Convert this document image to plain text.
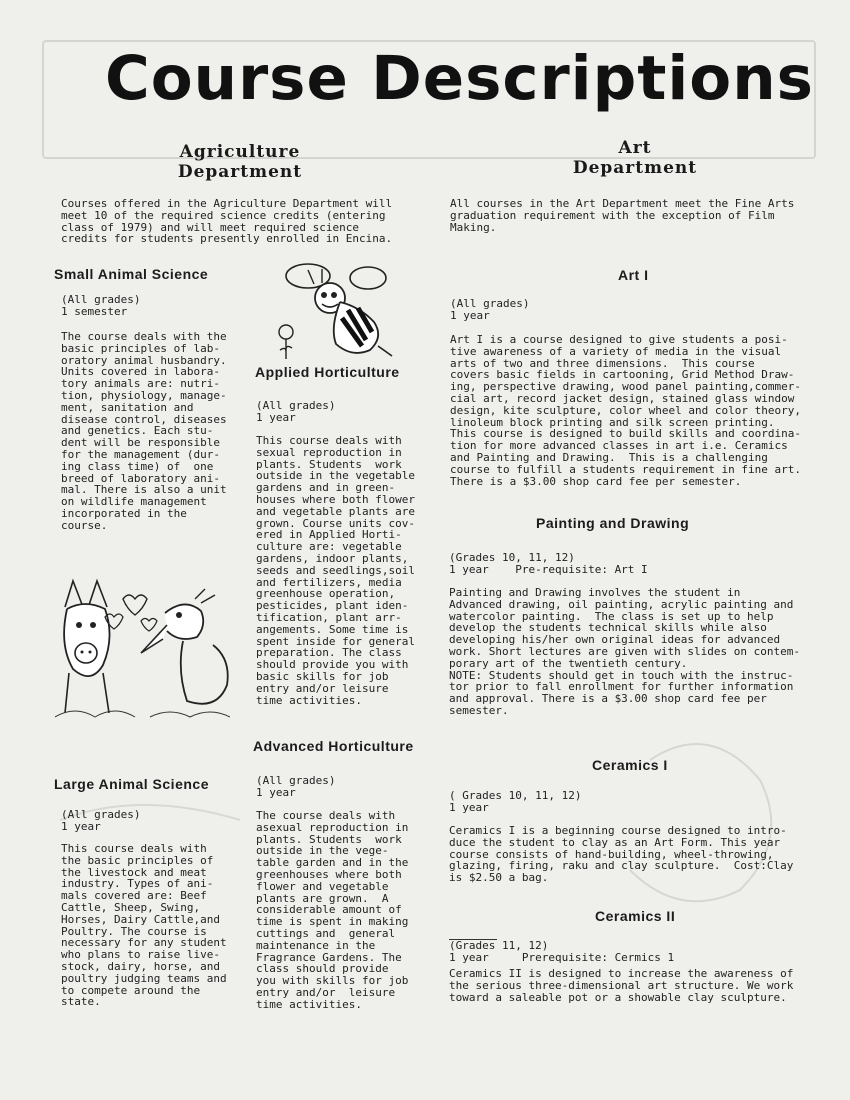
Course Descriptions
Agriculture
Department
Art
Department

Courses offered in the Agriculture Department will
meet 10 of the required science credits (entering
class of 1979) and will meet required science
credits for students presently enrolled in Encina.

All courses in the Art Department meet the Fine Arts
graduation requirement with the exception of Film
Making.

Small Animal Science

(All grades)
1 semester

The course deals with the
basic principles of lab-
oratory animal husbandry.
Units covered in labora-
tory animals are: nutri-
tion, physiology, manage-
ment, sanitation and
disease control, diseases
and genetics. Each stu-
dent will be responsible
for the management (dur-
ing class time) of  one
breed of laboratory ani-
mal. There is also a unit
on wildlife management
incorporated in the
course.

Applied Horticulture

(All grades)
1 year

This course deals with
sexual reproduction in
plants. Students  work
outside in the vegetable
gardens and in green-
houses where both flower
and vegetable plants are
grown. Course units cov-
ered in Applied Horti-
culture are: vegetable
gardens, indoor plants,
seeds and seedlings,soil
and fertilizers, media
greenhouse operation,
pesticides, plant iden-
tification, plant arr-
angements. Some time is
spent inside for general
preparation. The class
should provide you with
basic skills for job
entry and/or leisure
time activities.

Advanced Horticulture

(All grades)
1 year

The course deals with
asexual reproduction in
plants. Students  work
outside in the vege-
table garden and in the
greenhouses where both
flower and vegetable
plants are grown.  A
considerable amount of
time is spent in making
cuttings and  general
maintenance in the
Fragrance Gardens. The
class should provide
you with skills for job
entry and/or  leisure
time activities.

Large Animal Science

(All grades)
1 year

This course deals with
the basic principles of
the livestock and meat
industry. Types of ani-
mals covered are: Beef
Cattle, Sheep, Swing,
Horses, Dairy Cattle,and
Poultry. The course is
necessary for any student
who plans to raise live-
stock, dairy, horse, and
poultry judging teams and
to compete around the
state.

Art I

(All grades)
1 year

Art I is a course designed to give students a posi-
tive awareness of a variety of media in the visual
arts of two and three dimensions.  This course
covers basic fields in cartooning, Grid Method Draw-
ing, perspective drawing, wood panel painting,commer-
cial art, record jacket design, stained glass window
design, kite sculpture, color wheel and color theory,
linoleum block printing and silk screen printing.
This course is designed to build skills and coordina-
tion for more advanced classes in art i.e. Ceramics
and Painting and Drawing.  This is a challenging
course to fulfill a students requirement in fine art.
There is a $3.00 shop card fee per semester.

Painting and Drawing

(Grades 10, 11, 12)
1 year    Pre-requisite: Art I

Painting and Drawing involves the student in
Advanced drawing, oil painting, acrylic painting and
watercolor painting.  The class is set up to help
develop the students technical skills while also
developing his/her own original ideas for advanced
work. Short lectures are given with slides on contem-
porary art of the twentieth century.
NOTE: Students should get in touch with the instruc-
tor prior to fall enrollment for further information
and approval. There is a $3.00 shop card fee per
semester.

Ceramics I

( Grades 10, 11, 12)
1 year

Ceramics I is a beginning course designed to intro-
duce the student to clay as an Art Form. This year
course consists of hand-building, wheel-throwing,
glazing, firing, raku and clay sculpture.  Cost:Clay
is $2.50 a bag.

Ceramics II

(Grades 11, 12)
1 year     Prerequisite: Cermics 1

Ceramics II is designed to increase the awareness of
the serious three-dimensional art structure. We work
toward a saleable pot or a showable clay sculpture.
